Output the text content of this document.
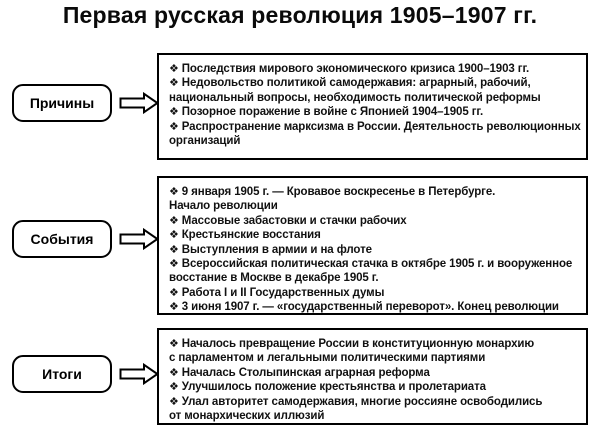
Первая русская революция 1905–1907 гг.
Причины
❖ Последствия мирового экономического кризиса 1900–1903 гг.
❖ Недовольство политикой самодержавия: аграрный, рабочий,
национальный вопросы, необходимость политической реформы
❖ Позорное поражение в войне с Японией 1904–1905 гг.
❖ Распространение марксизма в России. Деятельность революционных
организаций
События
❖ 9 января 1905 г. — Кровавое воскресенье в Петербурге.
Начало революции
❖ Массовые забастовки и стачки рабочих
❖ Крестьянские восстания
❖ Выступления в армии и на флоте
❖ Всероссийская политическая стачка в октябре 1905 г. и вооруженное
восстание в Москве в декабре 1905 г.
❖ Работа I и II Государственных думы
❖ 3 июня 1907 г. — «государственный переворот». Конец революции
Итоги
❖ Началось превращение России в конституционную монархию
с парламентом и легальными политическими партиями
❖ Началась Столыпинская аграрная реформа
❖ Улучшилось положение крестьянства и пролетариата
❖ Улал авторитет самодержавия, многие россияне освободились
от монархических иллюзий
